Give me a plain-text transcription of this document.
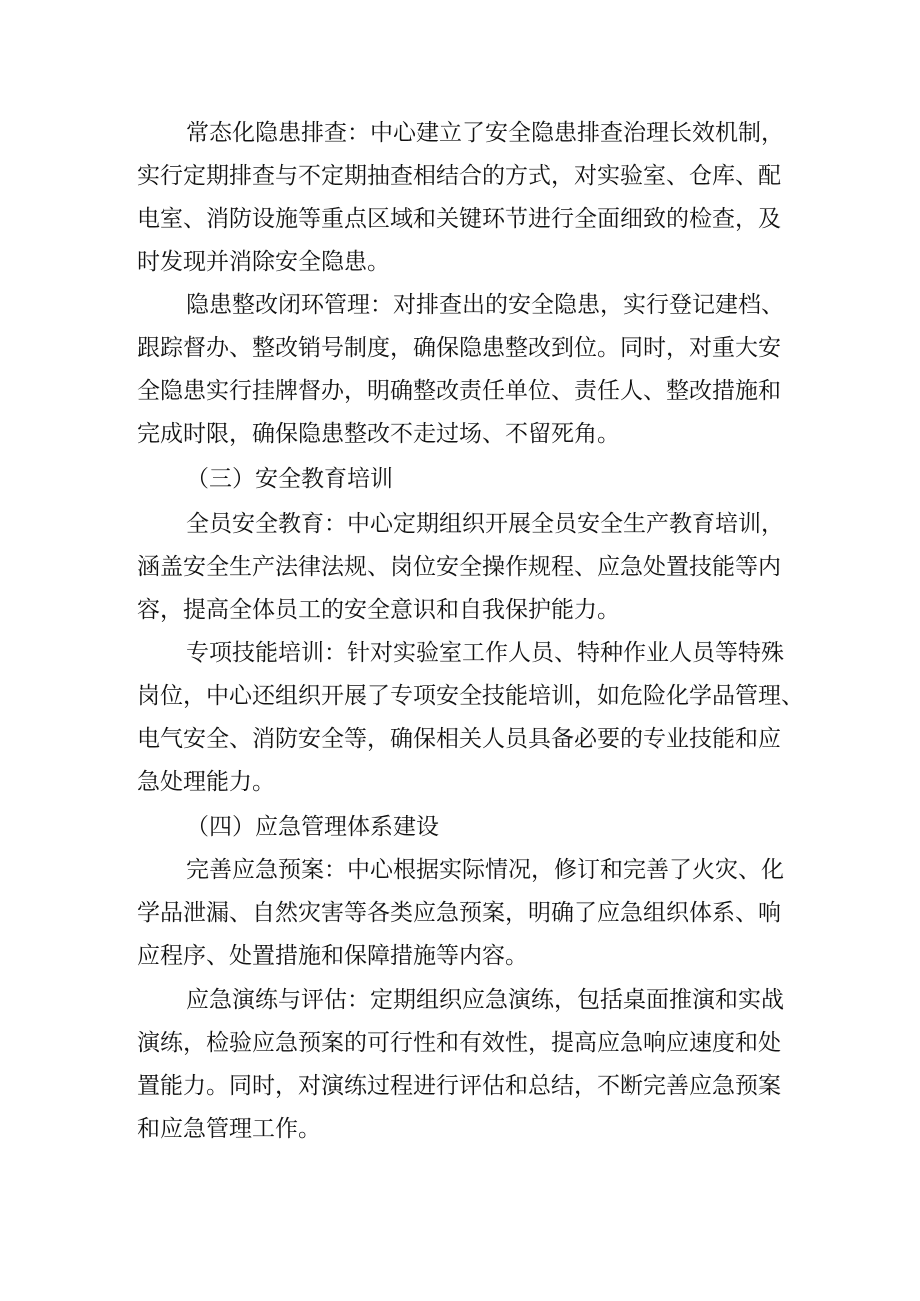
常态化隐患排查：中心建立了安全隐患排查治理长效机制，
实行定期排查与不定期抽查相结合的方式，对实验室、仓库、配
电室、消防设施等重点区域和关键环节进行全面细致的检查，及
时发现并消除安全隐患。
隐患整改闭环管理：对排查出的安全隐患，实行登记建档、
跟踪督办、整改销号制度，确保隐患整改到位。同时，对重大安
全隐患实行挂牌督办，明确整改责任单位、责任人、整改措施和
完成时限，确保隐患整改不走过场、不留死角。
（三）安全教育培训
全员安全教育：中心定期组织开展全员安全生产教育培训，
涵盖安全生产法律法规、岗位安全操作规程、应急处置技能等内
容，提高全体员工的安全意识和自我保护能力。
专项技能培训：针对实验室工作人员、特种作业人员等特殊
岗位，中心还组织开展了专项安全技能培训，如危险化学品管理、
电气安全、消防安全等，确保相关人员具备必要的专业技能和应
急处理能力。
（四）应急管理体系建设
完善应急预案：中心根据实际情况，修订和完善了火灾、化
学品泄漏、自然灾害等各类应急预案，明确了应急组织体系、响
应程序、处置措施和保障措施等内容。
应急演练与评估：定期组织应急演练，包括桌面推演和实战
演练，检验应急预案的可行性和有效性，提高应急响应速度和处
置能力。同时，对演练过程进行评估和总结，不断完善应急预案
和应急管理工作。
